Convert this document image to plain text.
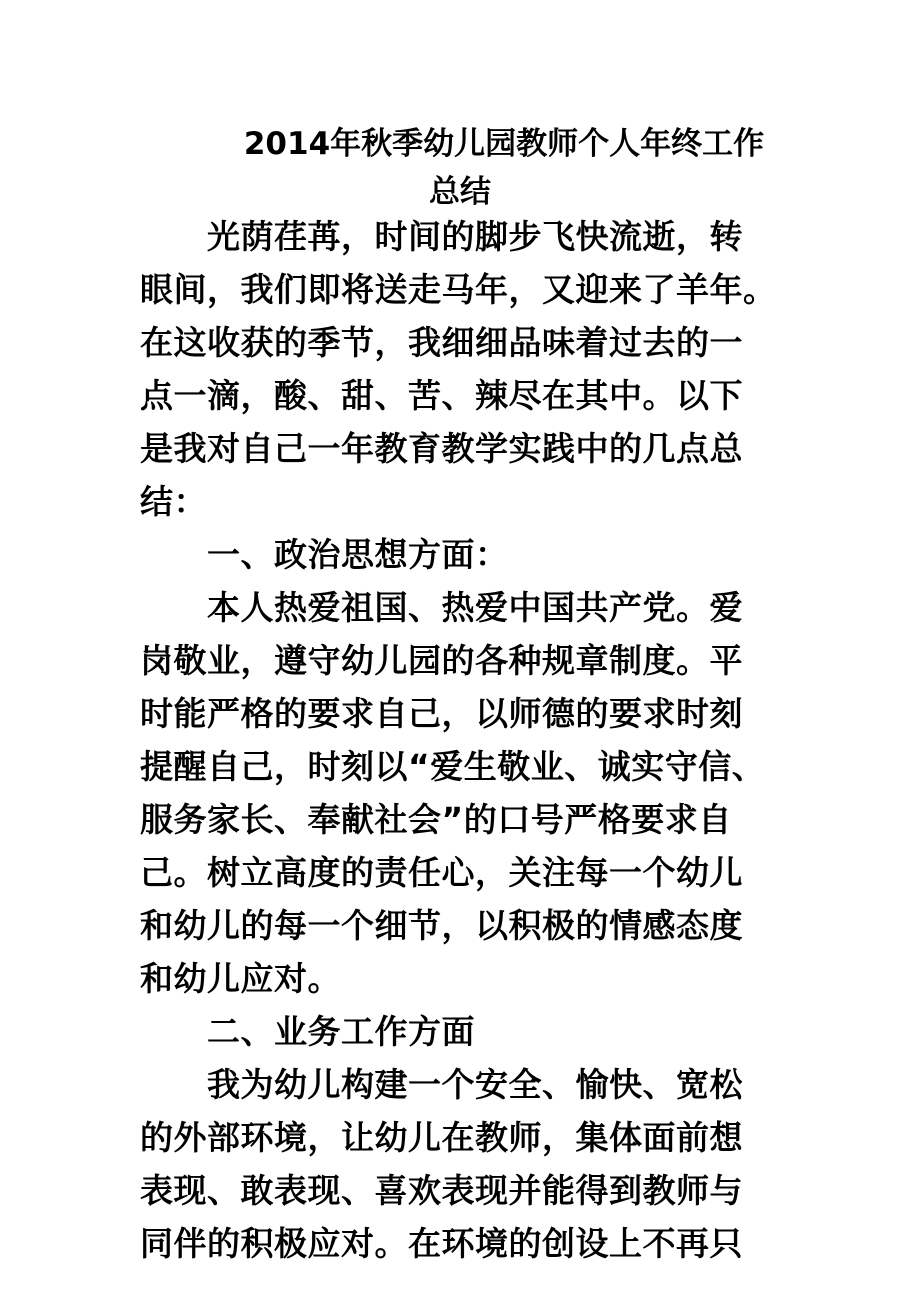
2014年秋季幼儿园教师个人年终工作
总结
光荫荏苒，时间的脚步飞快流逝，转
眼间，我们即将送走马年，又迎来了羊年。
在这收获的季节，我细细品味着过去的一
点一滴，酸、甜、苦、辣尽在其中。以下
是我对自己一年教育教学实践中的几点总
结：
一、政治思想方面：
本人热爱祖国、热爱中国共产党。爱
岗敬业，遵守幼儿园的各种规章制度。平
时能严格的要求自己，以师德的要求时刻
提醒自己，时刻以“爱生敬业、诚实守信、
服务家长、奉献社会”的口号严格要求自
己。树立高度的责任心，关注每一个幼儿
和幼儿的每一个细节，以积极的情感态度
和幼儿应对。
二、业务工作方面
我为幼儿构建一个安全、愉快、宽松
的外部环境，让幼儿在教师，集体面前想
表现、敢表现、喜欢表现并能得到教师与
同伴的积极应对。在环境的创设上不再只
